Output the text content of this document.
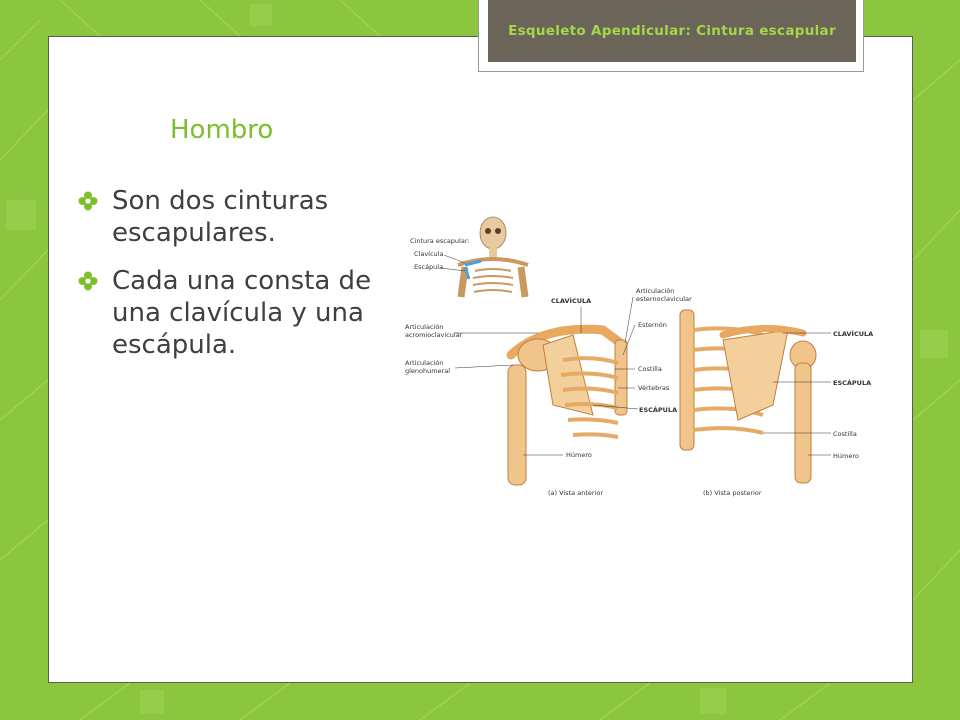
Esqueleto Apendicular: Cintura escapular
Hombro
Son dos cinturas escapulares.
Cada una consta de una clavícula y una escápula.
Cintura escapular:
Clavícula
Escápula
CLAVÍCULA
Articulación
esternoclavicular
Articulación
acromioclavicular
Articulación
glenohumeral
Esternón
Costilla
Vértebras
ESCÁPULA
Húmero
CLAVÍCULA
ESCÁPULA
Costilla
Húmero
(a) Vista anterior	(b) Vista posterior
